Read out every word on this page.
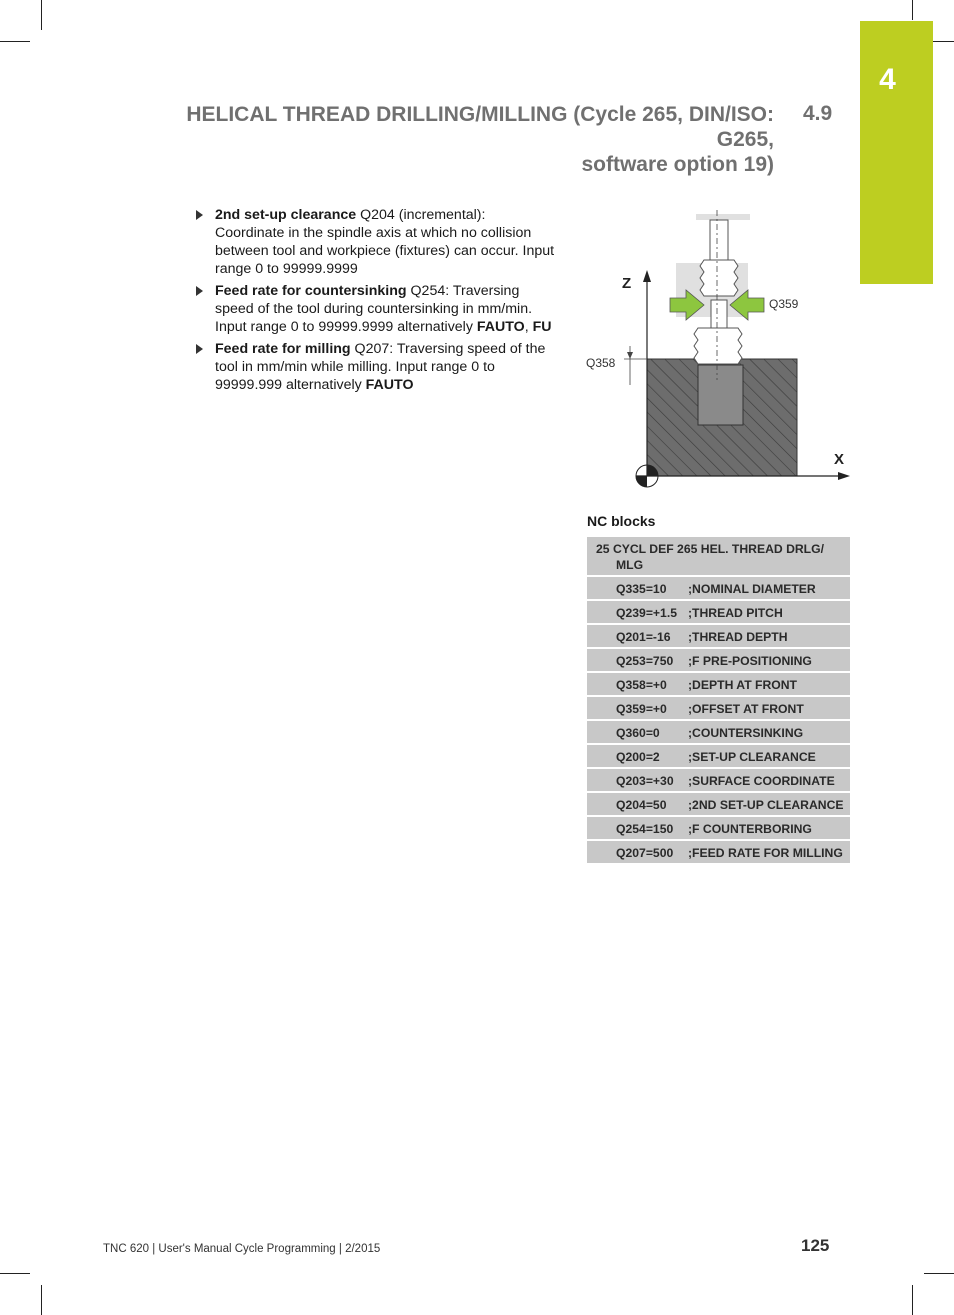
4
HELICAL THREAD DRILLING/MILLING (Cycle 265, DIN/ISO: G265,
software option 19)
4.9
2nd set-up clearance Q204 (incremental): Coordinate in the spindle axis at which no collision between tool and workpiece (fixtures) can occur. Input range 0 to 99999.9999
Feed rate for countersinking Q254: Traversing speed of the tool during countersinking in mm/min. Input range 0 to 99999.9999 alternatively FAUTO, FU
Feed rate for milling Q207: Traversing speed of the tool in mm/min while milling. Input range 0 to 99999.999 alternatively FAUTO
Z
X
Q359
Q358
NC blocks
25 CYCL DEF 265 HEL. THREAD DRLG/
MLG	

Q335=10	;NOMINAL DIAMETER
Q239=+1.5	;THREAD PITCH
Q201=-16	;THREAD DEPTH
Q253=750	;F PRE-POSITIONING
Q358=+0	;DEPTH AT FRONT
Q359=+0	;OFFSET AT FRONT
Q360=0	;COUNTERSINKING
Q200=2	;SET-UP CLEARANCE
Q203=+30	;SURFACE COORDINATE
Q204=50	;2ND SET-UP CLEARANCE
Q254=150	;F COUNTERBORING
Q207=500	;FEED RATE FOR MILLING
TNC 620 | User's Manual Cycle Programming | 2/2015	125
